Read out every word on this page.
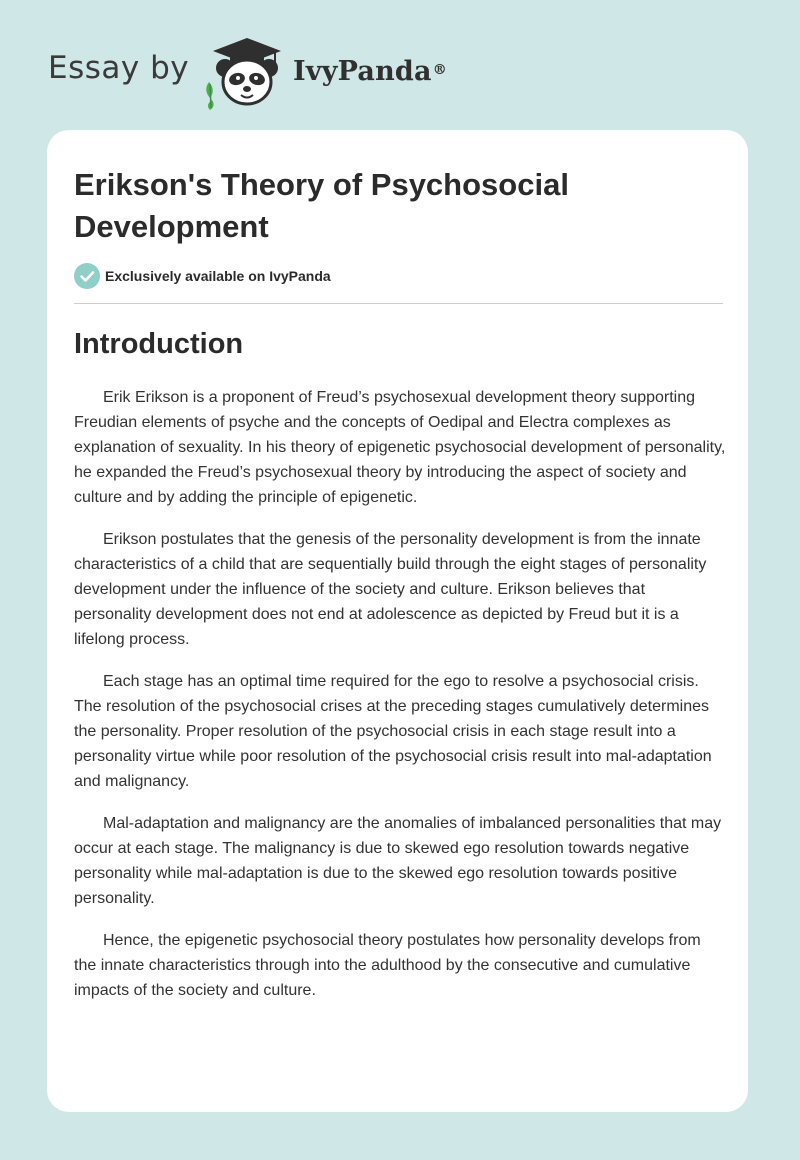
Essay by	IvyPanda®
Erikson's Theory of Psychosocial Development
Exclusively available on IvyPanda
Introduction

Erik Erikson is a proponent of Freud’s psychosexual development theory supporting Freudian elements of psyche and the concepts of Oedipal and Electra complexes as explanation of sexuality. In his theory of epigenetic psychosocial development of personality, he expanded the Freud’s psychosexual theory by introducing the aspect of society and culture and by adding the principle of epigenetic.

Erikson postulates that the genesis of the personality development is from the innate characteristics of a child that are sequentially build through the eight stages of personality development under the influence of the society and culture. Erikson believes that personality development does not end at adolescence as depicted by Freud but it is a lifelong process.

Each stage has an optimal time required for the ego to resolve a psychosocial crisis. The resolution of the psychosocial crises at the preceding stages cumulatively determines the personality. Proper resolution of the psychosocial crisis in each stage result into a personality virtue while poor resolution of the psychosocial crisis result into mal-adaptation and malignancy.

Mal-adaptation and malignancy are the anomalies of imbalanced personalities that may occur at each stage. The malignancy is due to skewed ego resolution towards negative personality while mal-adaptation is due to the skewed ego resolution towards positive personality.

Hence, the epigenetic psychosocial theory postulates how personality develops from the innate characteristics through into the adulthood by the consecutive and cumulative impacts of the society and culture.
